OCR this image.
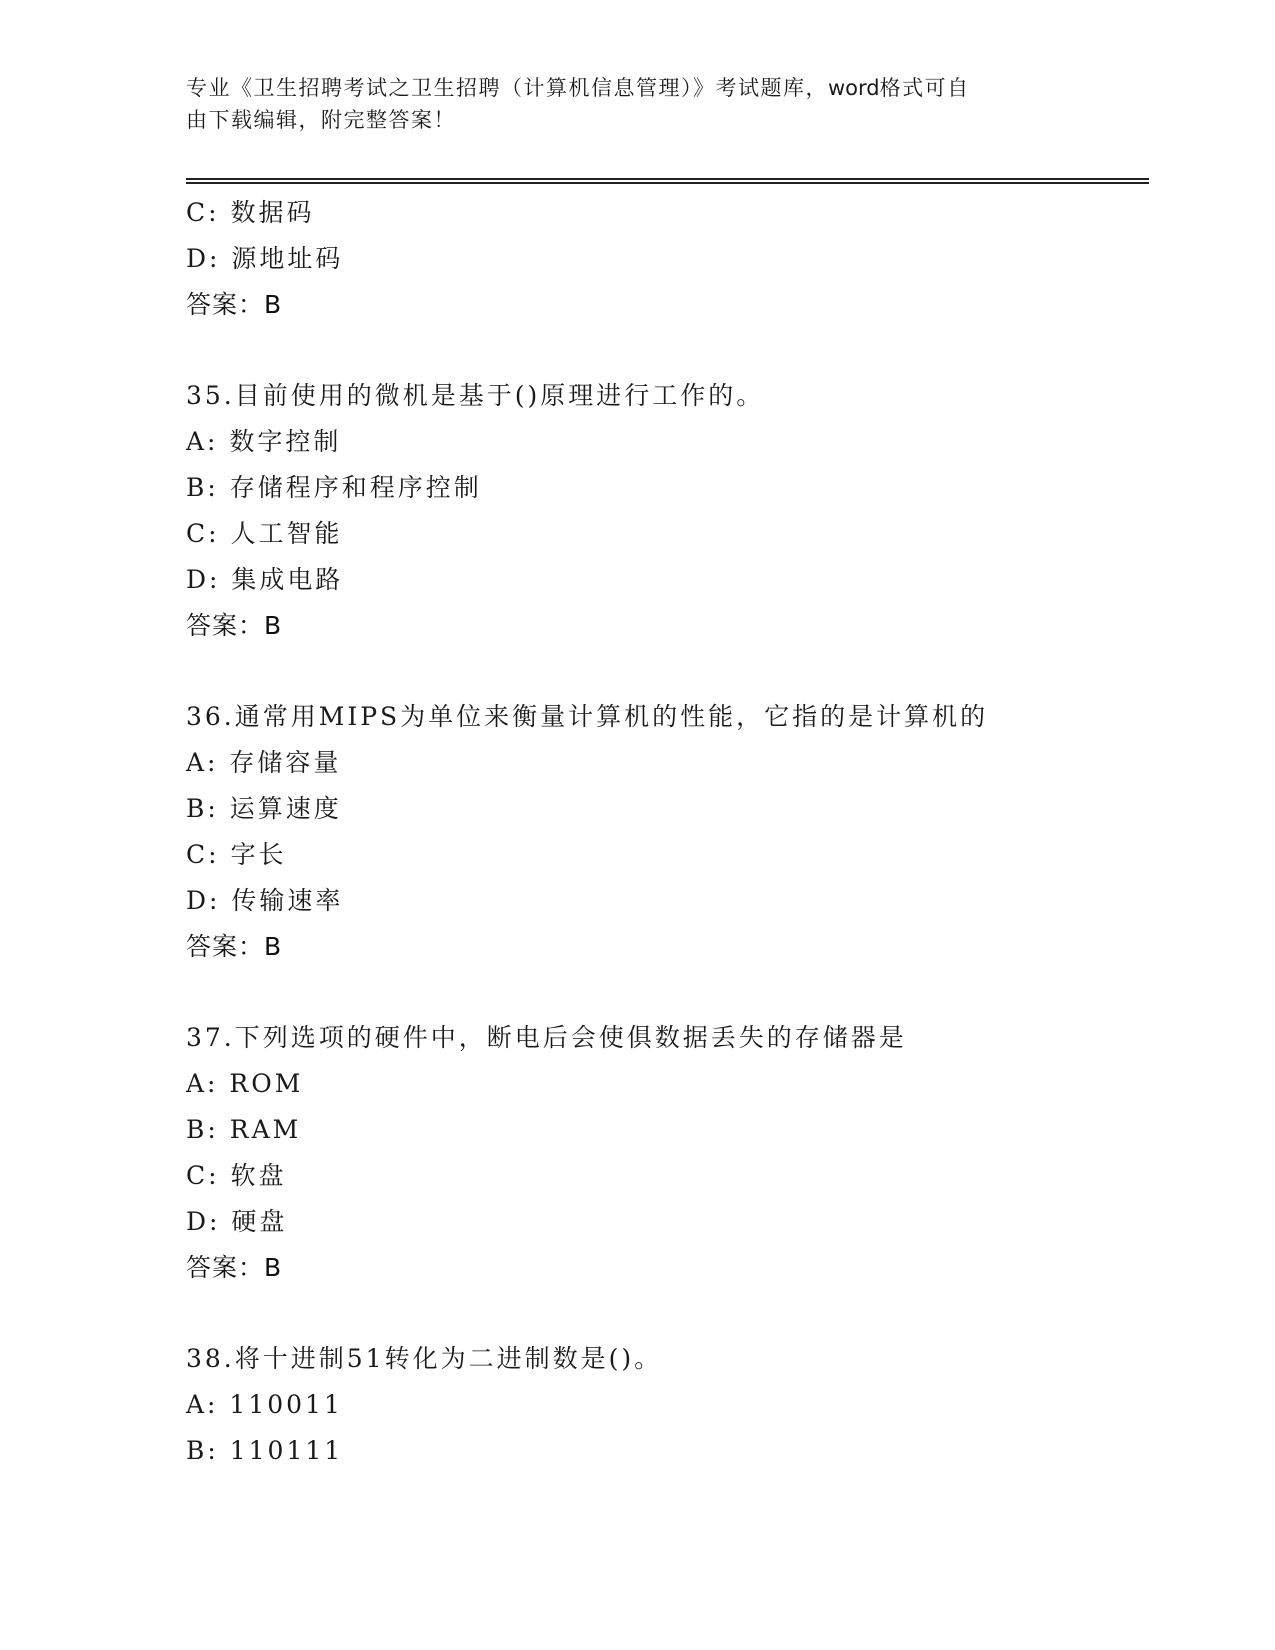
专业《卫生招聘考试之卫生招聘（计算机信息管理）》考试题库，word格式可自
由下载编辑，附完整答案！
C: 数据码
D: 源地址码
答案：B
35.目前使用的微机是基于()原理进行工作的。
A: 数字控制
B: 存储程序和程序控制
C: 人工智能
D: 集成电路
答案：B
36.通常用MIPS为单位来衡量计算机的性能，它指的是计算机的
A: 存储容量
B: 运算速度
C: 字长
D: 传输速率
答案：B
37.下列选项的硬件中，断电后会使俱数据丢失的存储器是
A: ROM
B: RAM
C: 软盘
D: 硬盘
答案：B
38.将十进制51转化为二进制数是()。
A: 110011
B: 110111
